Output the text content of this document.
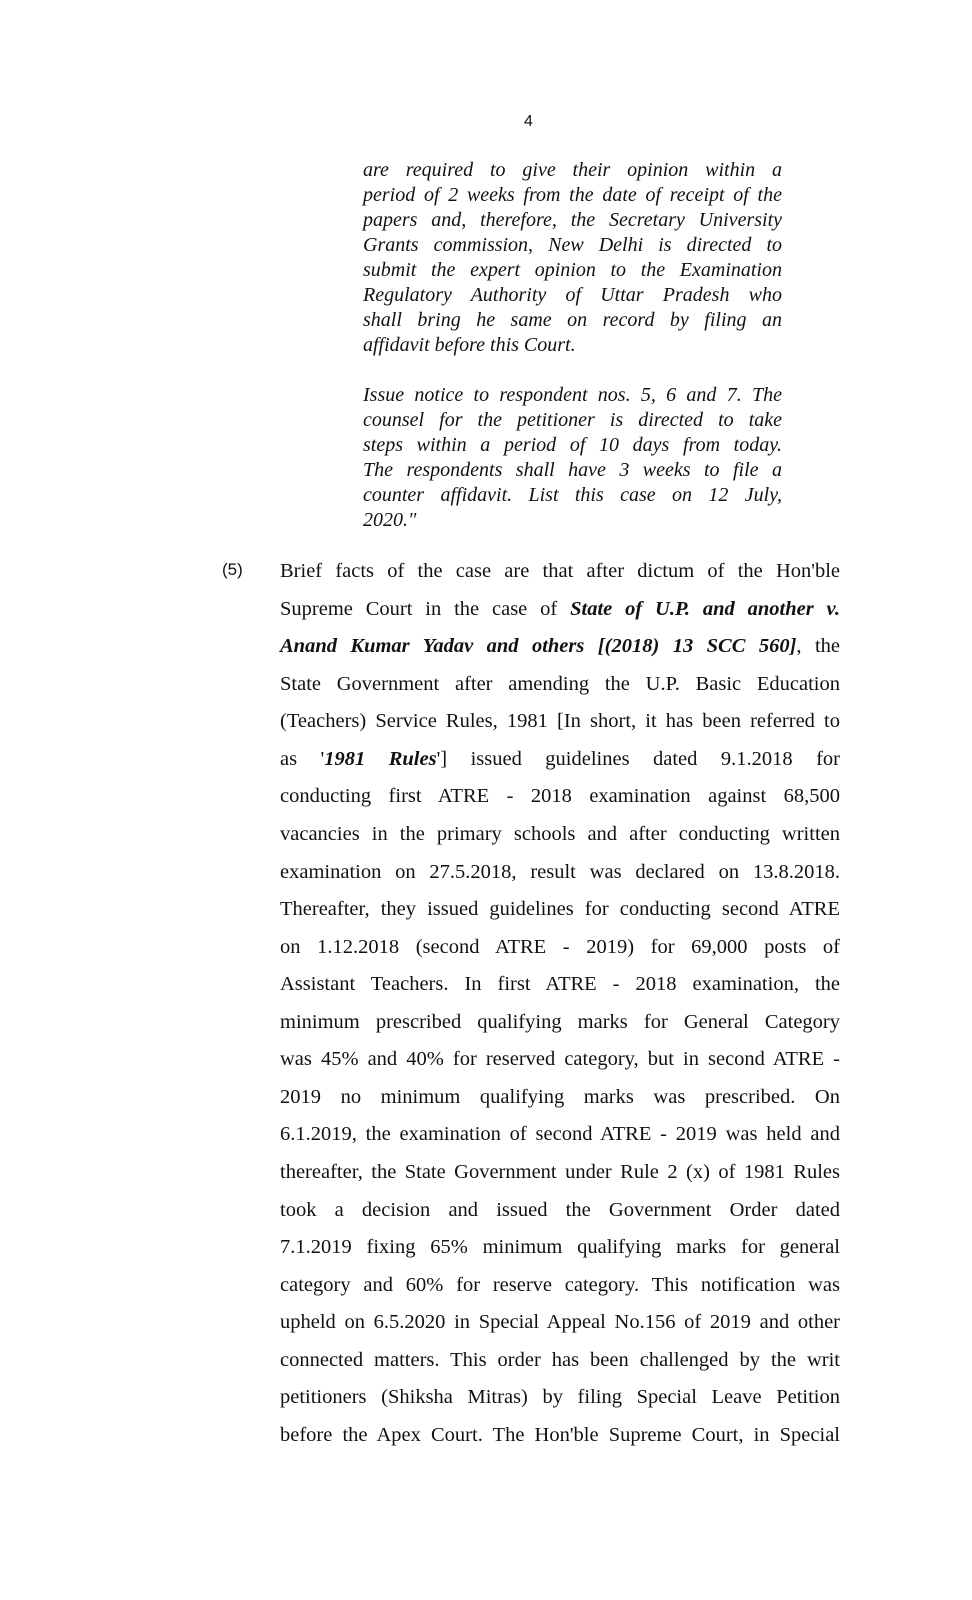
4
are required to give their opinion within a
period of 2 weeks from the date of receipt of the
papers and, therefore, the Secretary University
Grants commission, New Delhi is directed to
submit the expert opinion to the Examination
Regulatory Authority of Uttar Pradesh who
shall bring he same on record by filing an
affidavit before this Court.
Issue notice to respondent nos. 5, 6 and 7. The
counsel for the petitioner is directed to take
steps within a period of 10 days from today.
The respondents shall have 3 weeks to file a
counter affidavit. List this case on 12 July,
2020."
(5) Brief facts of the case are that after dictum of the Hon'ble
Supreme Court in the case of State of U.P. and another v.
Anand Kumar Yadav and others [(2018) 13 SCC 560], the
State Government after amending the U.P. Basic Education
(Teachers) Service Rules, 1981 [In short, it has been referred to
as '1981 Rules'] issued guidelines dated 9.1.2018 for
conducting first ATRE - 2018 examination against 68,500
vacancies in the primary schools and after conducting written
examination on 27.5.2018, result was declared on 13.8.2018.
Thereafter, they issued guidelines for conducting second ATRE
on 1.12.2018 (second ATRE - 2019) for 69,000 posts of
Assistant Teachers. In first ATRE - 2018 examination, the
minimum prescribed qualifying marks for General Category
was 45% and 40% for reserved category, but in second ATRE -
2019 no minimum qualifying marks was prescribed. On
6.1.2019, the examination of second ATRE - 2019 was held and
thereafter, the State Government under Rule 2 (x) of 1981 Rules
took a decision and issued the Government Order dated
7.1.2019 fixing 65% minimum qualifying marks for general
category and 60% for reserve category. This notification was
upheld on 6.5.2020 in Special Appeal No.156 of 2019 and other
connected matters. This order has been challenged by the writ
petitioners (Shiksha Mitras) by filing Special Leave Petition
before the Apex Court. The Hon'ble Supreme Court, in Special
